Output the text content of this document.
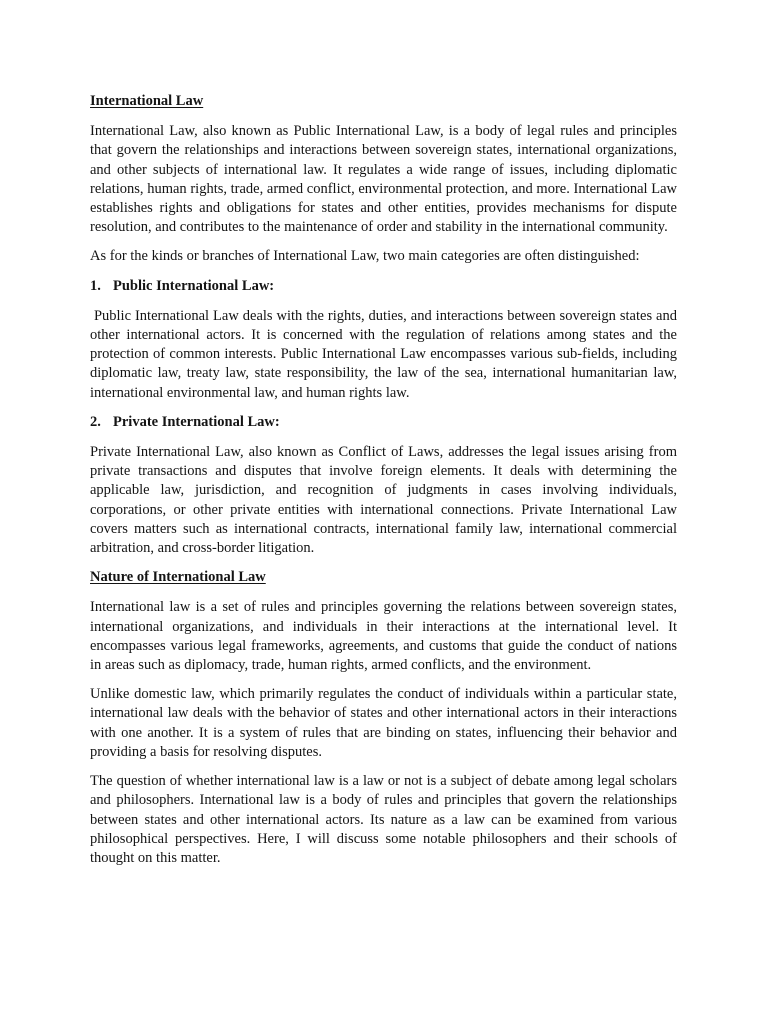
International Law

International Law, also known as Public International Law, is a body of legal rules and principles that govern the relationships and interactions between sovereign states, international organizations, and other subjects of international law. It regulates a wide range of issues, including diplomatic relations, human rights, trade, armed conflict, environmental protection, and more. International Law establishes rights and obligations for states and other entities, provides mechanisms for dispute resolution, and contributes to the maintenance of order and stability in the international community.

As for the kinds or branches of International Law, two main categories are often distinguished:

1. Public International Law:

Public International Law deals with the rights, duties, and interactions between sovereign states and other international actors. It is concerned with the regulation of relations among states and the protection of common interests. Public International Law encompasses various sub-fields, including diplomatic law, treaty law, state responsibility, the law of the sea, international humanitarian law, international environmental law, and human rights law.

2. Private International Law:

Private International Law, also known as Conflict of Laws, addresses the legal issues arising from private transactions and disputes that involve foreign elements. It deals with determining the applicable law, jurisdiction, and recognition of judgments in cases involving individuals, corporations, or other private entities with international connections. Private International Law covers matters such as international contracts, international family law, international commercial arbitration, and cross-border litigation.

Nature of International Law

International law is a set of rules and principles governing the relations between sovereign states, international organizations, and individuals in their interactions at the international level. It encompasses various legal frameworks, agreements, and customs that guide the conduct of nations in areas such as diplomacy, trade, human rights, armed conflicts, and the environment.

Unlike domestic law, which primarily regulates the conduct of individuals within a particular state, international law deals with the behavior of states and other international actors in their interactions with one another. It is a system of rules that are binding on states, influencing their behavior and providing a basis for resolving disputes.

The question of whether international law is a law or not is a subject of debate among legal scholars and philosophers. International law is a body of rules and principles that govern the relationships between states and other international actors. Its nature as a law can be examined from various philosophical perspectives. Here, I will discuss some notable philosophers and their schools of thought on this matter.
